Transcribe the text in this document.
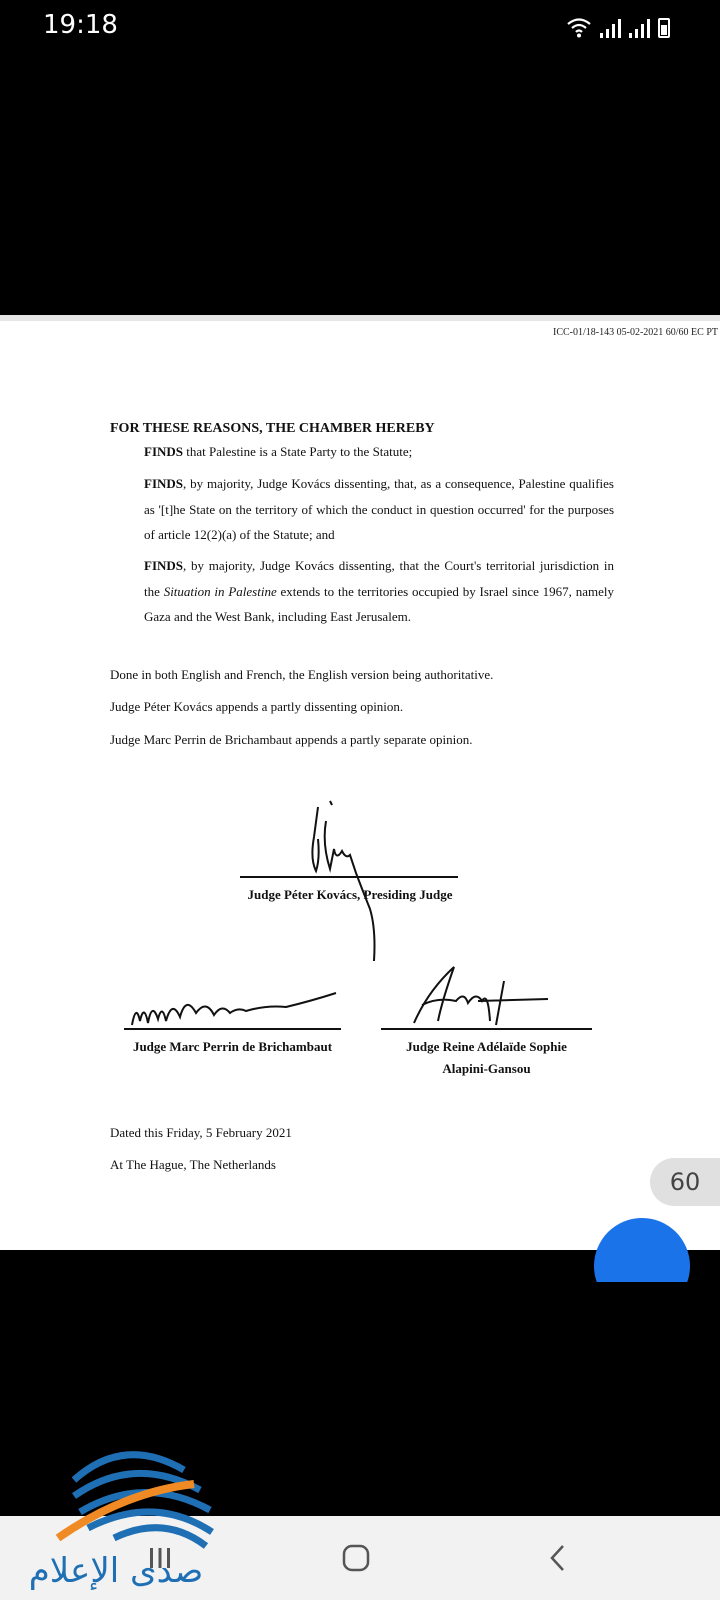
19:18
ICC-01/18-143 05-02-2021 60/60 EC PT
FOR THESE REASONS, THE CHAMBER HEREBY
FINDS that Palestine is a State Party to the Statute;
FINDS, by majority, Judge Kovács dissenting, that, as a consequence, Palestine qualifies as '[t]he State on the territory of which the conduct in question occurred' for the purposes of article 12(2)(a) of the Statute; and
FINDS, by majority, Judge Kovács dissenting, that the Court's territorial jurisdiction in the Situation in Palestine extends to the territories occupied by Israel since 1967, namely Gaza and the West Bank, including East Jerusalem.
Done in both English and French, the English version being authoritative.
Judge Péter Kovács appends a partly dissenting opinion.
Judge Marc Perrin de Brichambaut appends a partly separate opinion.
Judge Péter Kovács, Presiding Judge
Judge Marc Perrin de Brichambaut	Judge Reine Adélaïde Sophie
Alapini-Gansou
Dated this Friday, 5 February 2021
At The Hague, The Netherlands
60
صدى الإعلام
